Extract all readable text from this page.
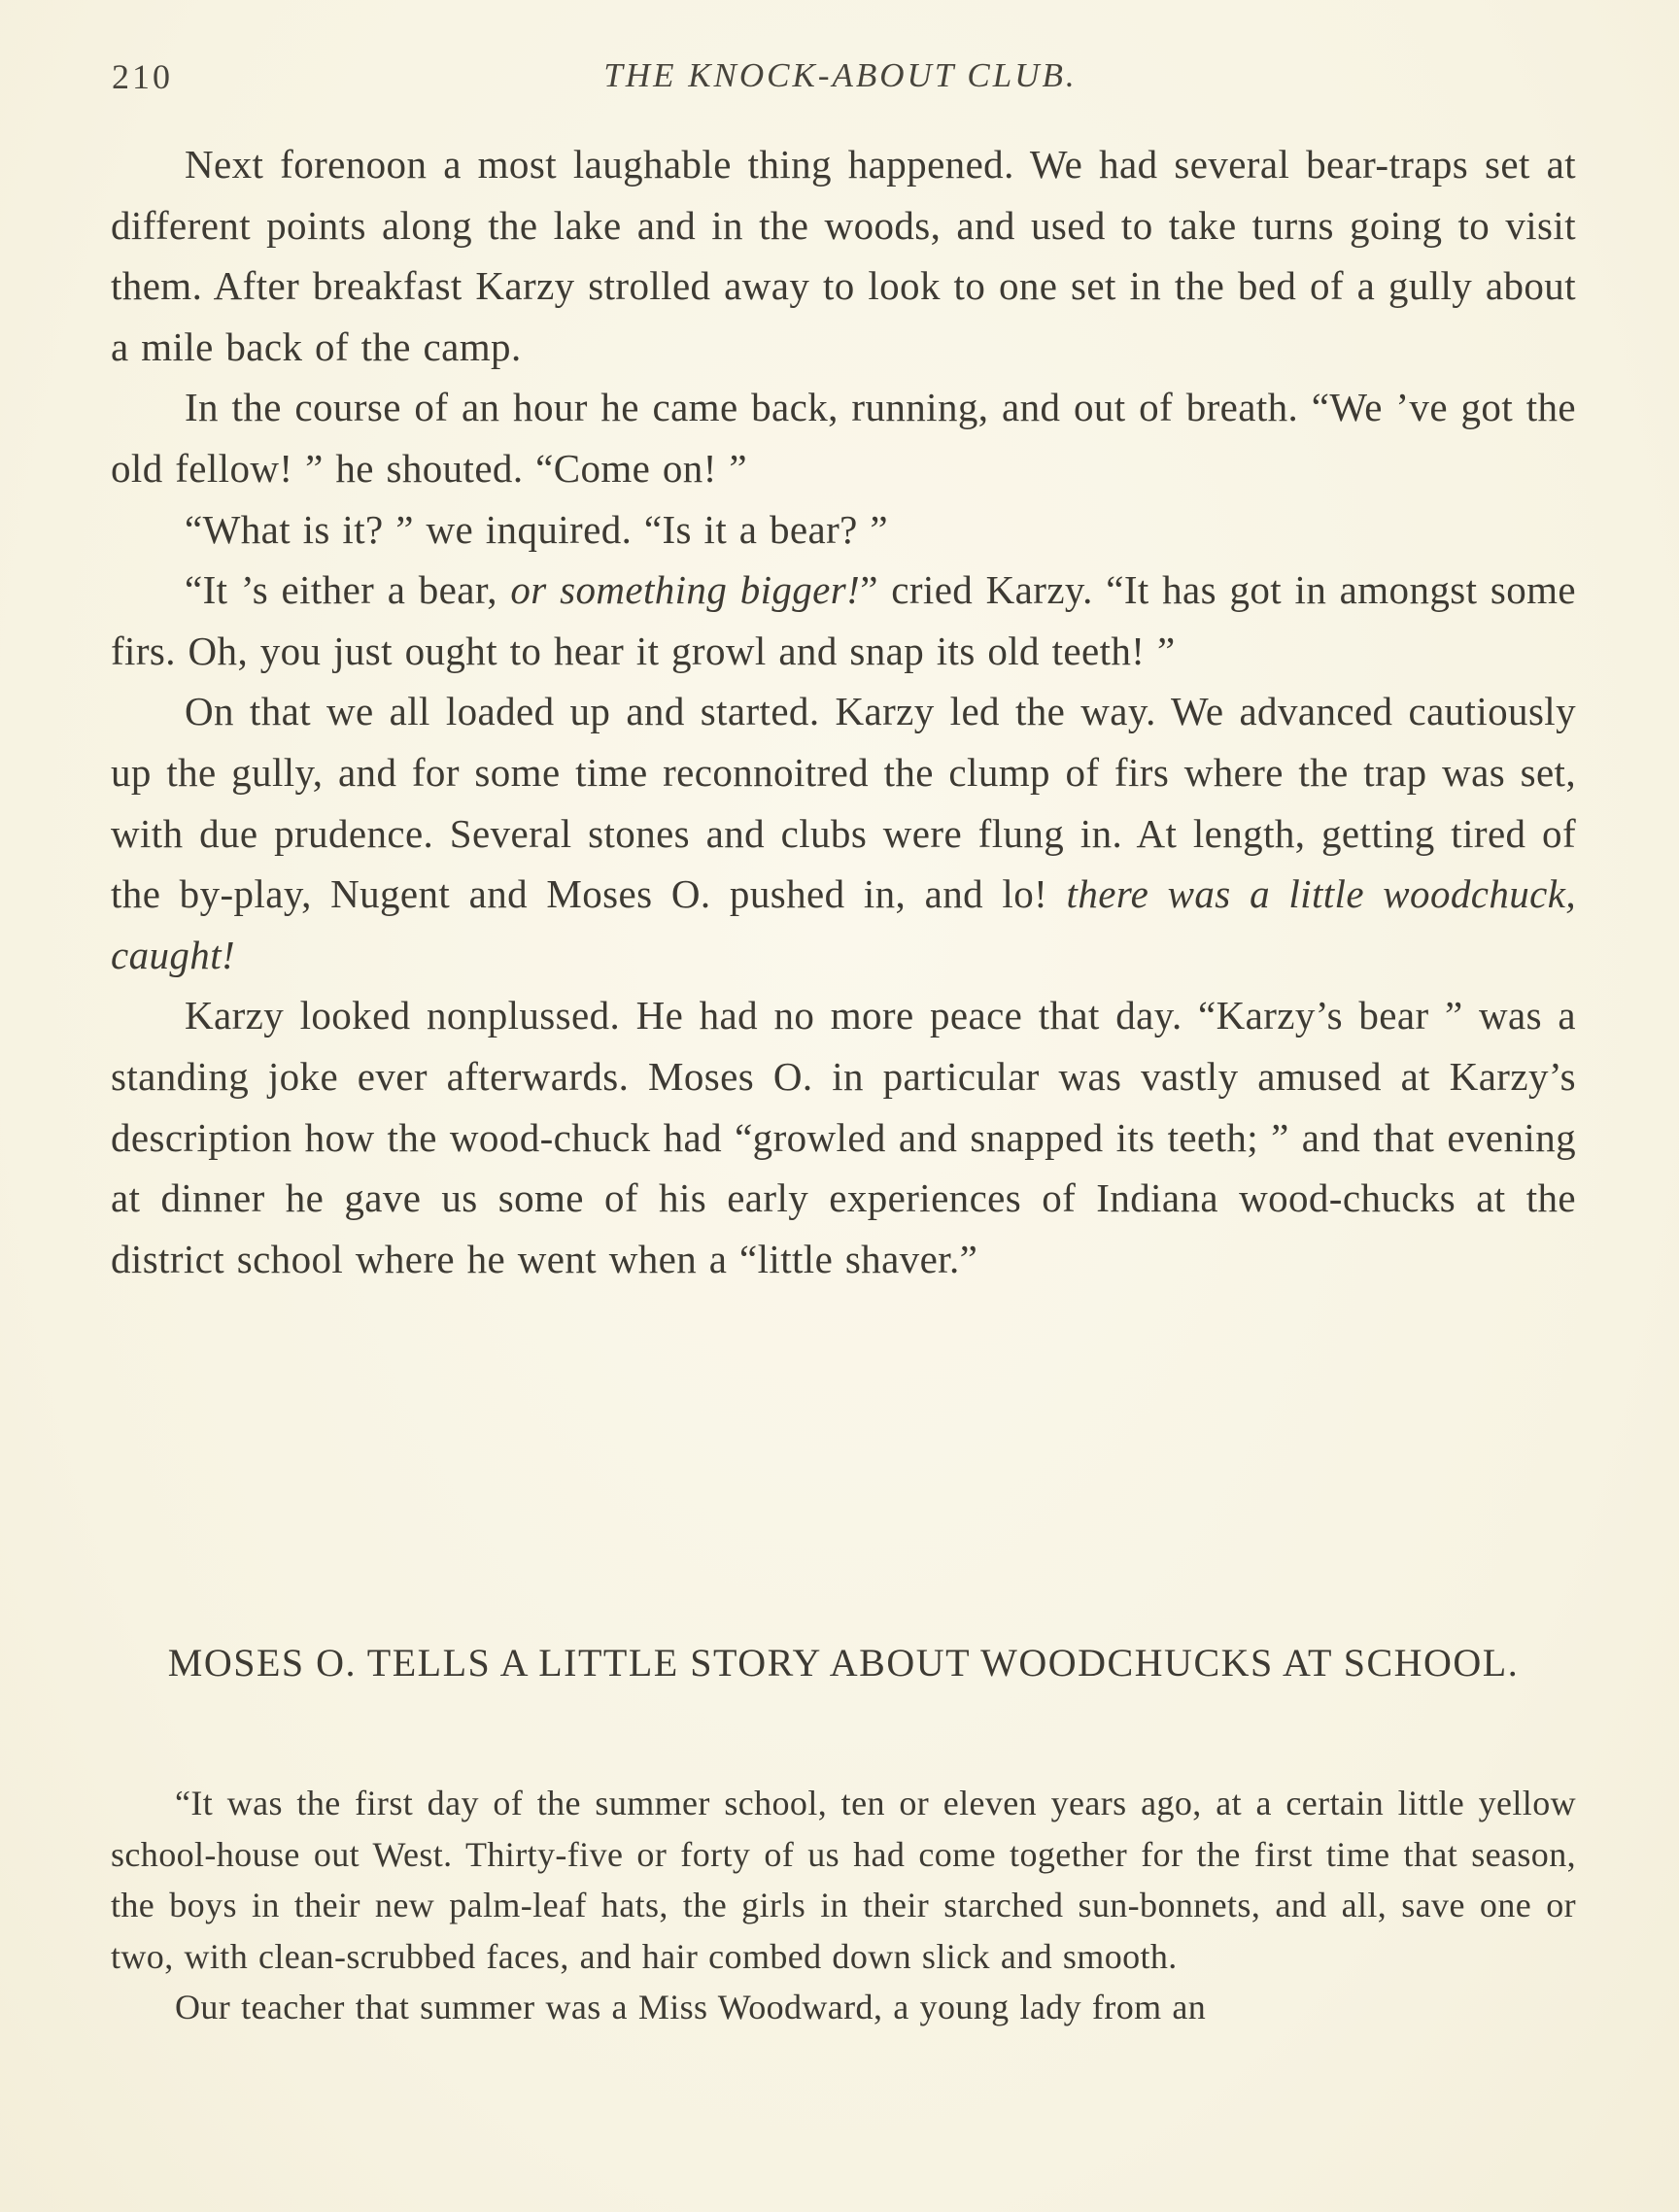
210	THE KNOCK-ABOUT CLUB.

Next forenoon a most laughable thing happened. We had several bear-traps set at different points along the lake and in the woods, and used to take turns going to visit them. After breakfast Karzy strolled away to look to one set in the bed of a gully about a mile back of the camp.

In the course of an hour he came back, running, and out of breath. “We ’ve got the old fellow! ” he shouted. “Come on! ”

“What is it? ” we inquired. “Is it a bear? ”

“It ’s either a bear, or something bigger!” cried Karzy. “It has got in amongst some firs. Oh, you just ought to hear it growl and snap its old teeth! ”

On that we all loaded up and started. Karzy led the way. We advanced cautiously up the gully, and for some time reconnoitred the clump of firs where the trap was set, with due prudence. Several stones and clubs were flung in. At length, getting tired of the by-play, Nugent and Moses O. pushed in, and lo! there was a little woodchuck, caught!

Karzy looked nonplussed. He had no more peace that day. “Karzy’s bear ” was a standing joke ever afterwards. Moses O. in particular was vastly amused at Karzy’s description how the wood-chuck had “growled and snapped its teeth; ” and that evening at dinner he gave us some of his early experiences of Indiana wood-chucks at the district school where he went when a “little shaver.”

MOSES O. TELLS A LITTLE STORY ABOUT WOODCHUCKS AT SCHOOL.

“It was the first day of the summer school, ten or eleven years ago, at a certain little yellow school-house out West. Thirty-five or forty of us had come together for the first time that season, the boys in their new palm-leaf hats, the girls in their starched sun-bonnets, and all, save one or two, with clean-scrubbed faces, and hair combed down slick and smooth.

Our teacher that summer was a Miss Woodward, a young lady from an
